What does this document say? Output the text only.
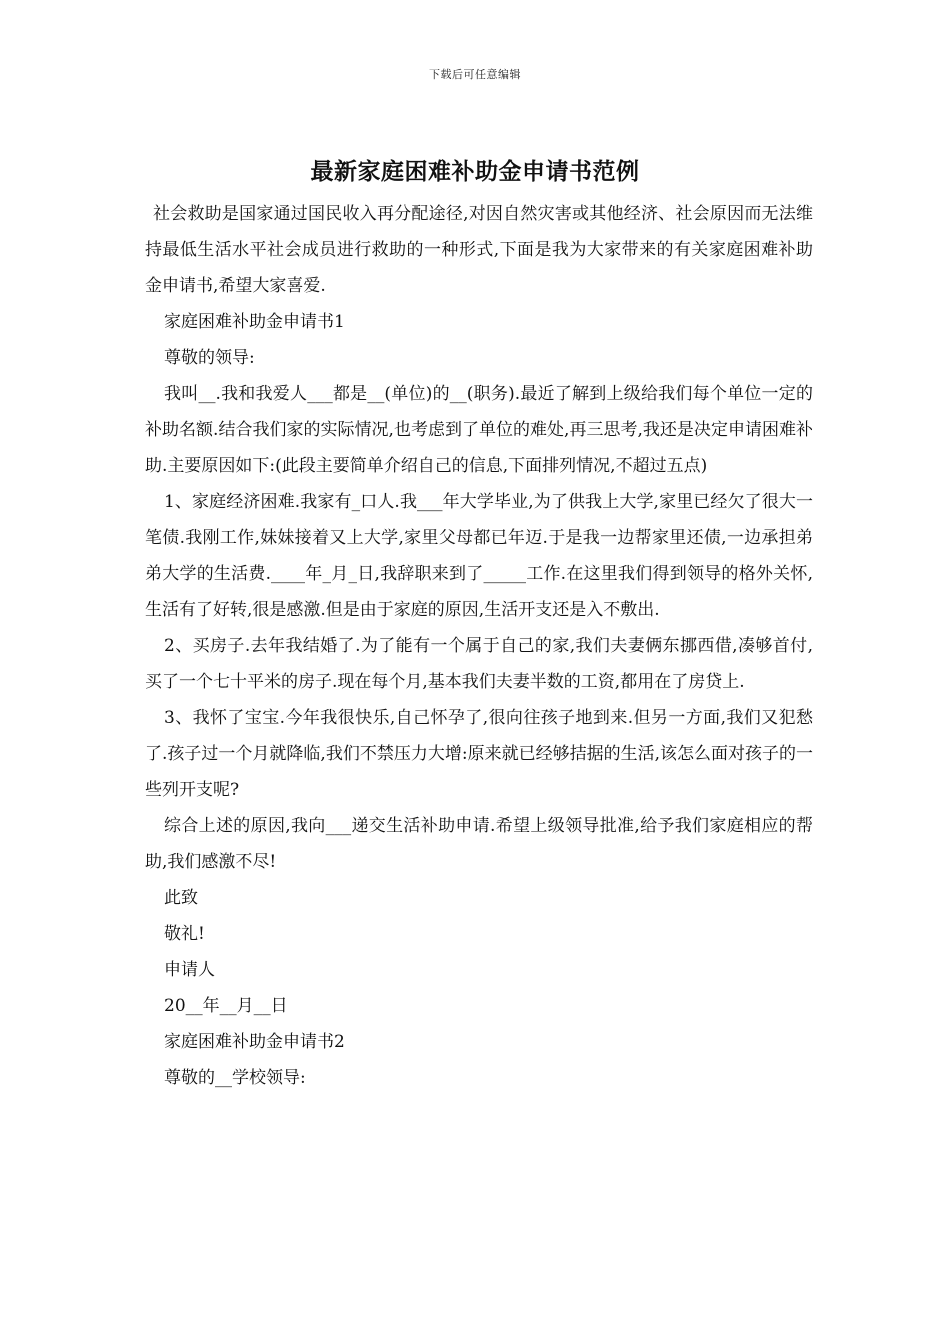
下载后可任意编辑
最新家庭困难补助金申请书范例

社会救助是国家通过国民收入再分配途径,对因自然灾害或其他经济、社会原因而无法维持最低生活水平社会成员进行救助的一种形式,下面是我为大家带来的有关家庭困难补助金申请书,希望大家喜爱.

家庭困难补助金申请书1

尊敬的领导:

我叫__.我和我爱人___都是__(单位)的__(职务).最近了解到上级给我们每个单位一定的补助名额.结合我们家的实际情况,也考虑到了单位的难处,再三思考,我还是决定申请困难补助.主要原因如下:(此段主要简单介绍自己的信息,下面排列情况,不超过五点)

1、家庭经济困难.我家有_口人.我___年大学毕业,为了供我上大学,家里已经欠了很大一笔债.我刚工作,妹妹接着又上大学,家里父母都已年迈.于是我一边帮家里还债,一边承担弟弟大学的生活费.____年_月_日,我辞职来到了_____工作.在这里我们得到领导的格外关怀,生活有了好转,很是感激.但是由于家庭的原因,生活开支还是入不敷出.

2、买房子.去年我结婚了.为了能有一个属于自己的家,我们夫妻俩东挪西借,凑够首付,买了一个七十平米的房子.现在每个月,基本我们夫妻半数的工资,都用在了房贷上.

3、我怀了宝宝.今年我很快乐,自己怀孕了,很向往孩子地到来.但另一方面,我们又犯愁了.孩子过一个月就降临,我们不禁压力大增:原来就已经够拮据的生活,该怎么面对孩子的一些列开支呢?

综合上述的原因,我向___递交生活补助申请.希望上级领导批准,给予我们家庭相应的帮助,我们感激不尽!

此致

敬礼!

申请人

20__年__月__日

家庭困难补助金申请书2

尊敬的__学校领导:
